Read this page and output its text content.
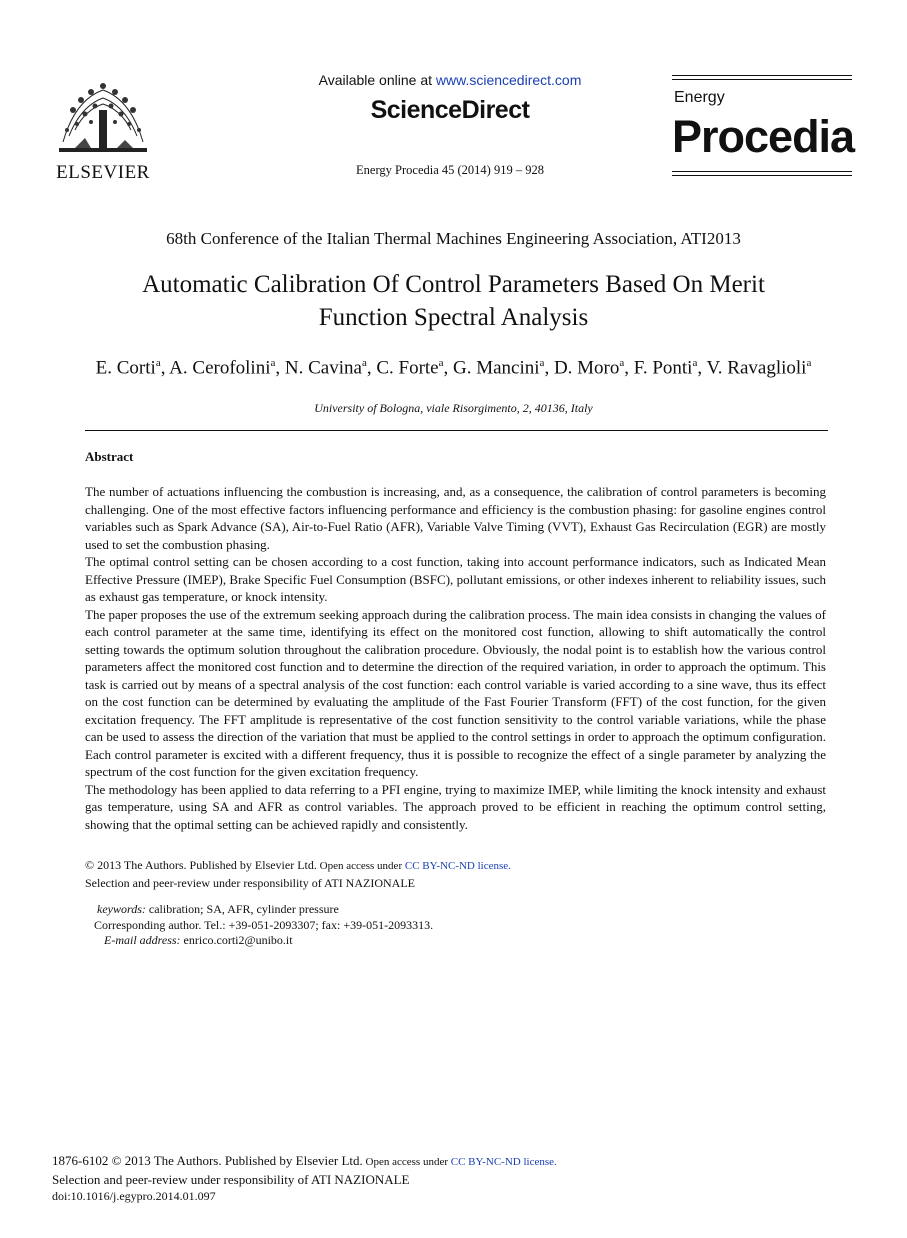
ELSEVIER
Available online at www.sciencedirect.com
ScienceDirect
Energy Procedia 45 (2014) 919 – 928
Energy
Procedia
68th Conference of the Italian Thermal Machines Engineering Association, ATI2013
Automatic Calibration Of Control Parameters Based On Merit
Function Spectral Analysis
E. Corti$^a$, A. Cerofolini$^a$, N. Cavina$^a$, C. Forte$^a$, G. Mancini$^a$, D. Moro$^a$, F. Ponti$^a$, V. Ravaglioli$^a$
University of Bologna, viale Risorgimento, 2, 40136, Italy
Abstract

The number of actuations influencing the combustion is increasing, and, as a consequence, the calibration of control parameters is becoming challenging. One of the most effective factors influencing performance and efficiency is the combustion phasing: for gasoline engines control variables such as Spark Advance (SA), Air-to-Fuel Ratio (AFR), Variable Valve Timing (VVT), Exhaust Gas Recirculation (EGR) are mostly used to set the combustion phasing.

The optimal control setting can be chosen according to a cost function, taking into account performance indicators, such as Indicated Mean Effective Pressure (IMEP), Brake Specific Fuel Consumption (BSFC), pollutant emissions, or other indexes inherent to reliability issues, such as exhaust gas temperature, or knock intensity.

The paper proposes the use of the extremum seeking approach during the calibration process. The main idea consists in changing the values of each control parameter at the same time, identifying its effect on the monitored cost function, allowing to shift automatically the control setting towards the optimum solution throughout the calibration procedure. Obviously, the nodal point is to establish how the various control parameters affect the monitored cost function and to determine the direction of the required variation, in order to approach the optimum. This task is carried out by means of a spectral analysis of the cost function: each control variable is varied according to a sine wave, thus its effect on the cost function can be determined by evaluating the amplitude of the Fast Fourier Transform (FFT) of the cost function, for the given excitation frequency. The FFT amplitude is representative of the cost function sensitivity to the control variable variations, while the phase can be used to assess the direction of the variation that must be applied to the control settings in order to approach the optimum configuration. Each control parameter is excited with a different frequency, thus it is possible to recognize the effect of a single parameter by analyzing the spectrum of the cost function for the given excitation frequency.

The methodology has been applied to data referring to a PFI engine, trying to maximize IMEP, while limiting the knock intensity and exhaust gas temperature, using SA and AFR as control variables. The approach proved to be efficient in reaching the optimum control setting, showing that the optimal setting can be achieved rapidly and consistently.

© 2013 The Authors. Published by Elsevier Ltd. Open access under CC BY-NC-ND license.
Selection and peer-review under responsibility of ATI NAZIONALE
keywords: calibration; SA, AFR, cylinder pressure
Corresponding author. Tel.: +39-051-2093307; fax: +39-051-2093313.
E-mail address: enrico.corti2@unibo.it
1876-6102 © 2013 The Authors. Published by Elsevier Ltd. Open access under CC BY-NC-ND license.
Selection and peer-review under responsibility of ATI NAZIONALE
doi:10.1016/j.egypro.2014.01.097
